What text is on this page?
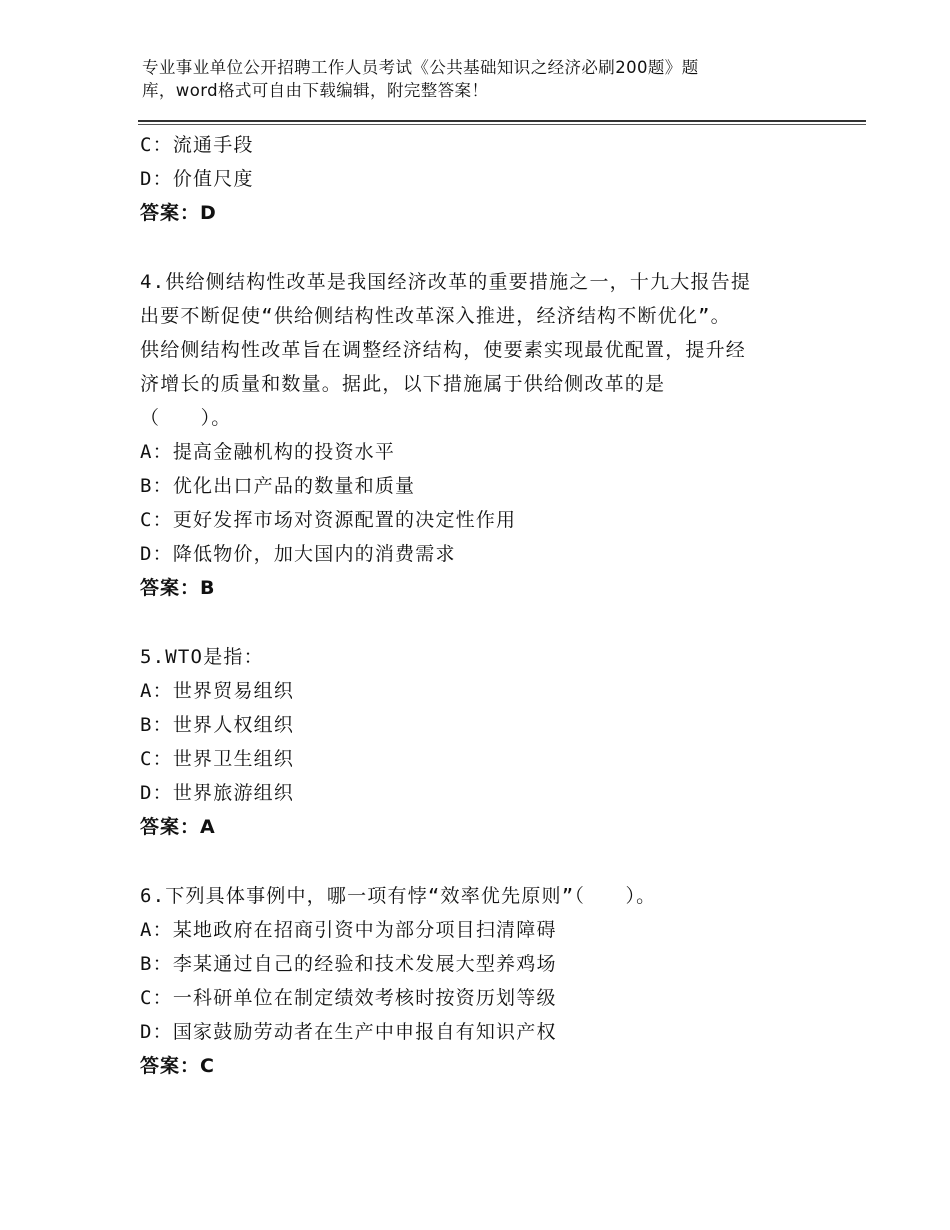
专业事业单位公开招聘工作人员考试《公共基础知识之经济必刷200题》题
库，word格式可自由下载编辑，附完整答案！
C：流通手段
D：价值尺度
答案：D
4.供给侧结构性改革是我国经济改革的重要措施之一，十九大报告提
出要不断促使“供给侧结构性改革深入推进，经济结构不断优化”。
供给侧结构性改革旨在调整经济结构，使要素实现最优配置，提升经
济增长的质量和数量。据此，以下措施属于供给侧改革的是
（　　）。
A：提高金融机构的投资水平
B：优化出口产品的数量和质量
C：更好发挥市场对资源配置的决定性作用
D：降低物价，加大国内的消费需求
答案：B
5.WTO是指：
A：世界贸易组织
B：世界人权组织
C：世界卫生组织
D：世界旅游组织
答案：A
6.下列具体事例中，哪一项有悖“效率优先原则”（　　）。
A：某地政府在招商引资中为部分项目扫清障碍
B：李某通过自己的经验和技术发展大型养鸡场
C：一科研单位在制定绩效考核时按资历划等级
D：国家鼓励劳动者在生产中申报自有知识产权
答案：C
